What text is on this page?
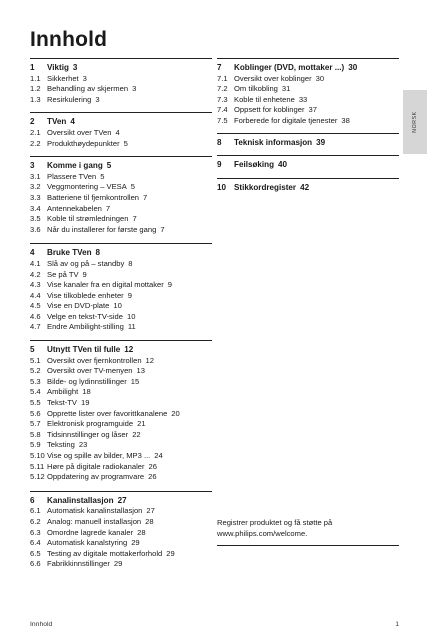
Innhold
1	Viktig 3
1.1 Sikkerhet 3
1.2 Behandling av skjermen 3
1.3 Resirkulering 3
2	TVen 4
2.1 Oversikt over TVen 4
2.2 Produkthøydepunkter 5
3	Komme i gang 5
3.1 Plassere TVen 5
3.2 Veggmontering – VESA 5
3.3 Batteriene til fjernkontrollen 7
3.4 Antennekabelen 7
3.5 Koble til strømledningen 7
3.6 Når du installerer for første gang 7
4	Bruke TVen 8
4.1 Slå av og på – standby 8
4.2 Se på TV 9
4.3 Vise kanaler fra en digital mottaker 9
4.4 Vise tilkoblede enheter 9
4.5 Vise en DVD-plate 10
4.6 Velge en tekst-TV-side 10
4.7 Endre Ambilight-stilling 11
5	Utnytt TVen til fulle 12
5.1 Oversikt over fjernkontrollen 12
5.2 Oversikt over TV-menyen 13
5.3 Bilde- og lydinnstillinger 15
5.4 Ambilight 18
5.5 Tekst-TV 19
5.6 Opprette lister over favorittkanalene 20
5.7 Elektronisk programguide 21
5.8 Tidsinnstillinger og låser 22
5.9 Teksting 23
5.10 Vise og spille av bilder, MP3 ... 24
5.11 Høre på digitale radiokanaler 26
5.12 Oppdatering av programvare 26
6	Kanalinstallasjon 27
6.1 Automatisk kanalinstallasjon 27
6.2 Analog: manuell installasjon 28
6.3 Omordne lagrede kanaler 28
6.4 Automatisk kanalstyring 29
6.5 Testing av digitale mottakerforhold 29
6.6 Fabrikkinnstillinger 29
7	Koblinger (DVD, mottaker ...) 30
7.1 Oversikt over koblinger 30
7.2 Om tilkobling 31
7.3 Koble til enhetene 33
7.4 Oppsett for koblinger 37
7.5 Forberede for digitale tjenester 38
8	Teknisk informasjon 39
9	Feilsøking 40
10 Stikkordregister 42
NORSK
Registrer produktet og få støtte på www.philips.com/welcome.
Innhold	1
